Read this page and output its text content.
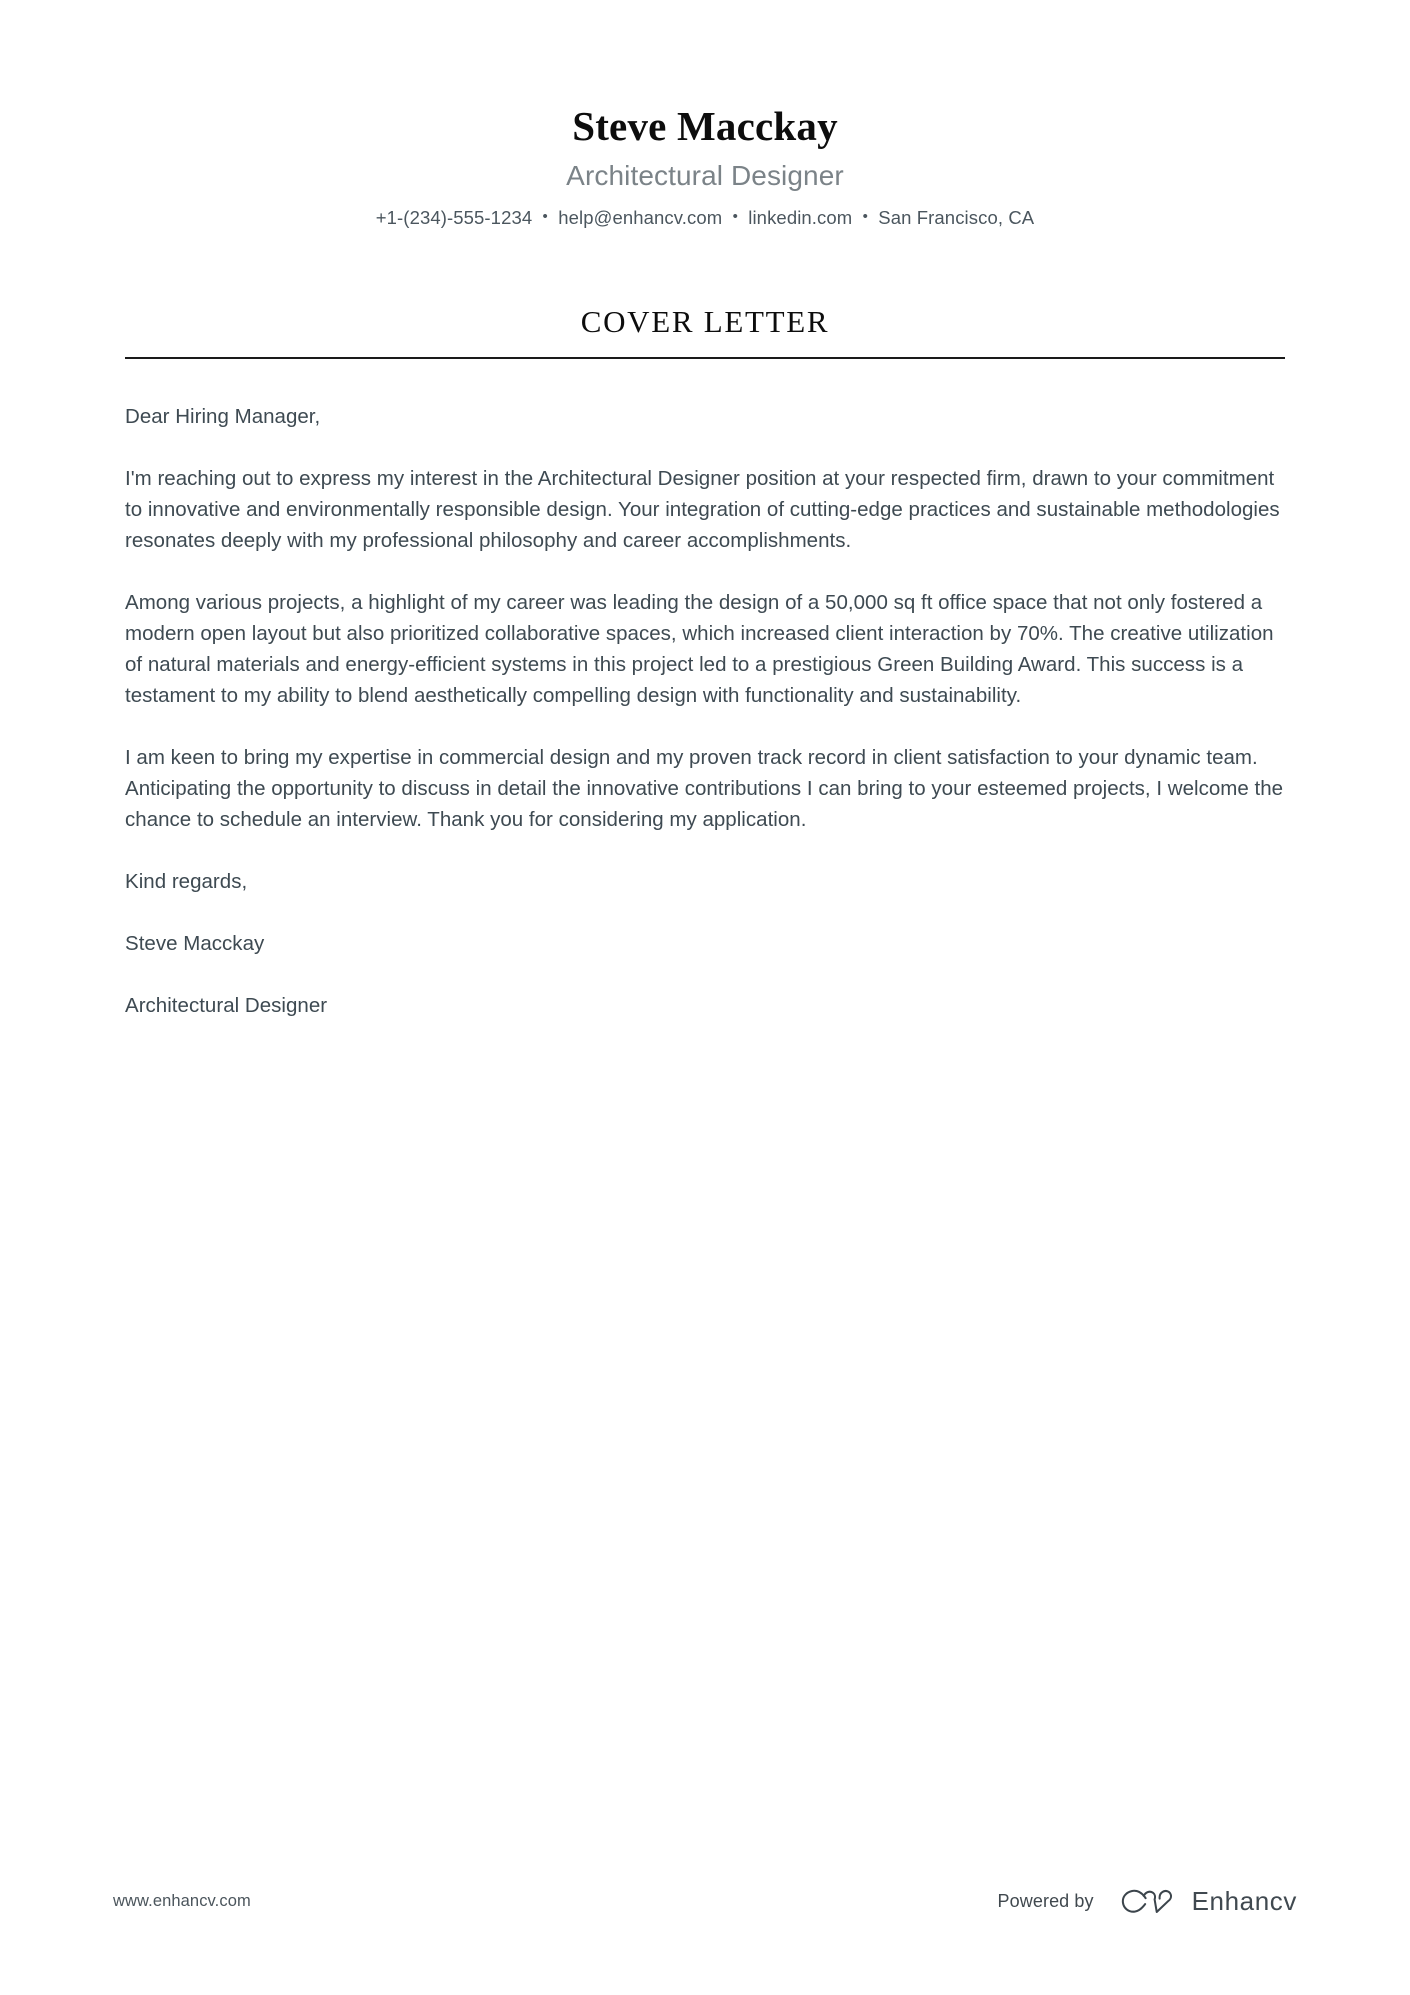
Steve Macckay
Architectural Designer
+1-(234)-555-1234 • help@enhancv.com • linkedin.com • San Francisco, CA
COVER LETTER

Dear Hiring Manager,

I'm reaching out to express my interest in the Architectural Designer position at your respected firm, drawn to your commitment to innovative and environmentally responsible design. Your integration of cutting-edge practices and sustainable methodologies resonates deeply with my professional philosophy and career accomplishments.

Among various projects, a highlight of my career was leading the design of a 50,000 sq ft office space that not only fostered a modern open layout but also prioritized collaborative spaces, which increased client interaction by 70%. The creative utilization of natural materials and energy-efficient systems in this project led to a prestigious Green Building Award. This success is a testament to my ability to blend aesthetically compelling design with functionality and sustainability.

I am keen to bring my expertise in commercial design and my proven track record in client satisfaction to your dynamic team. Anticipating the opportunity to discuss in detail the innovative contributions I can bring to your esteemed projects, I welcome the chance to schedule an interview. Thank you for considering my application.

Kind regards,

Steve Macckay

Architectural Designer

www.enhancv.com	Powered by	Enhancv
